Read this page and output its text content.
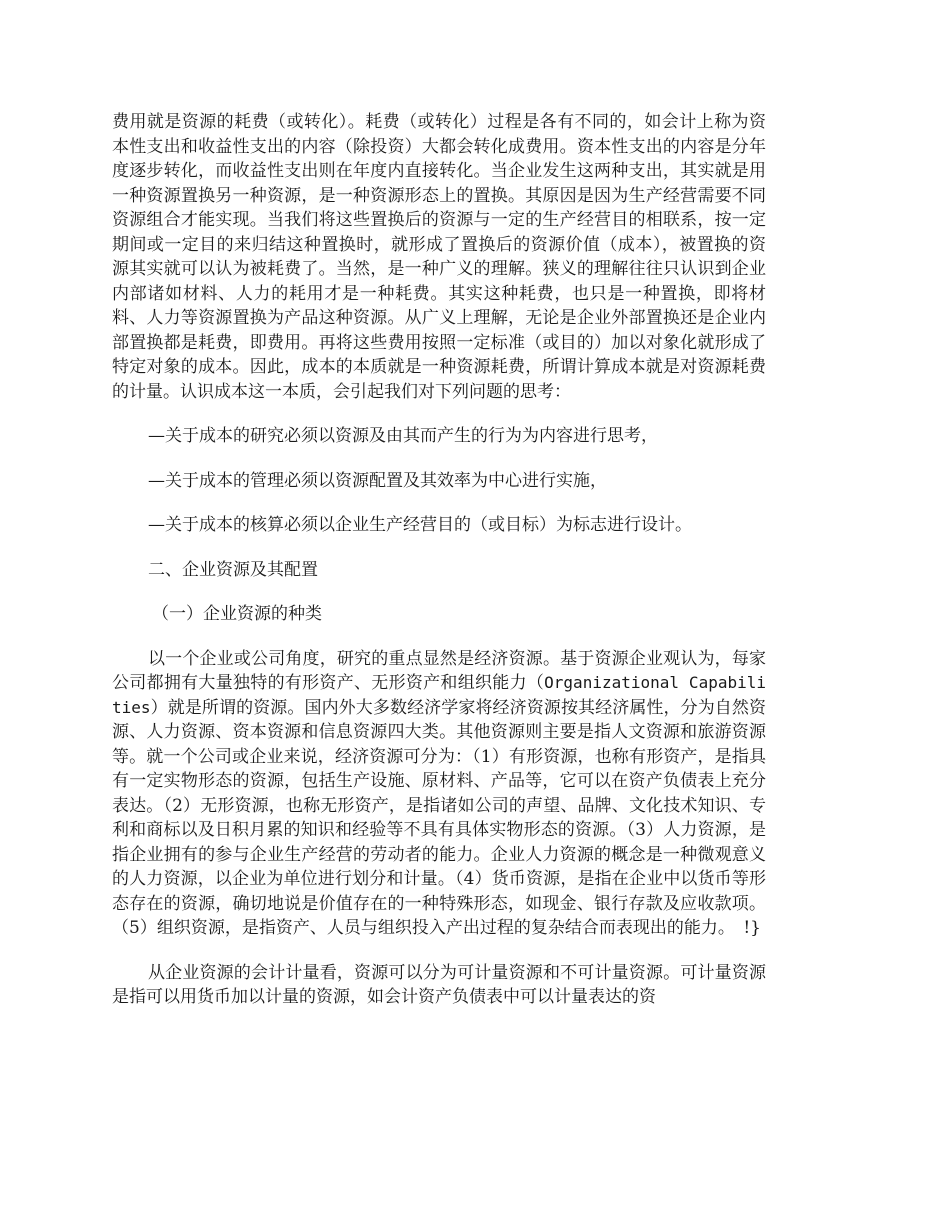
费用就是资源的耗费（或转化）。耗费（或转化）过程是各有不同的，如会计上称为资本性支出和收益性支出的内容（除投资）大都会转化成费用。资本性支出的内容是分年度逐步转化，而收益性支出则在年度内直接转化。当企业发生这两种支出，其实就是用一种资源置换另一种资源，是一种资源形态上的置换。其原因是因为生产经营需要不同资源组合才能实现。当我们将这些置换后的资源与一定的生产经营目的相联系，按一定期间或一定目的来归结这种置换时，就形成了置换后的资源价值（成本），被置换的资源其实就可以认为被耗费了。当然，是一种广义的理解。狭义的理解往往只认识到企业内部诸如材料、人力的耗用才是一种耗费。其实这种耗费，也只是一种置换，即将材料、人力等资源置换为产品这种资源。从广义上理解，无论是企业外部置换还是企业内部置换都是耗费，即费用。再将这些费用按照一定标准（或目的）加以对象化就形成了特定对象的成本。因此，成本的本质就是一种资源耗费，所谓计算成本就是对资源耗费的计量。认识成本这一本质，会引起我们对下列问题的思考：

—关于成本的研究必须以资源及由其而产生的行为为内容进行思考，

—关于成本的管理必须以资源配置及其效率为中心进行实施，

—关于成本的核算必须以企业生产经营目的（或目标）为标志进行设计。

二、企业资源及其配置

（一）企业资源的种类

以一个企业或公司角度，研究的重点显然是经济资源。基于资源企业观认为，每家公司都拥有大量独特的有形资产、无形资产和组织能力（Organizational Capabilities）就是所谓的资源。国内外大多数经济学家将经济资源按其经济属性，分为自然资源、人力资源、资本资源和信息资源四大类。其他资源则主要是指人文资源和旅游资源等。就一个公司或企业来说，经济资源可分为：（1）有形资源，也称有形资产，是指具有一定实物形态的资源，包括生产设施、原材料、产品等，它可以在资产负债表上充分表达。（2）无形资源，也称无形资产，是指诸如公司的声望、品牌、文化技术知识、专利和商标以及日积月累的知识和经验等不具有具体实物形态的资源。（3）人力资源，是指企业拥有的参与企业生产经营的劳动者的能力。企业人力资源的概念是一种微观意义的人力资源，以企业为单位进行划分和计量。（4）货币资源，是指在企业中以货币等形态存在的资源，确切地说是价值存在的一种特殊形态，如现金、银行存款及应收款项。（5）组织资源，是指资产、人员与组织投入产出过程的复杂结合而表现出的能力。　!}

从企业资源的会计计量看，资源可以分为可计量资源和不可计量资源。可计量资源是指可以用货币加以计量的资源，如会计资产负债表中可以计量表达的资
